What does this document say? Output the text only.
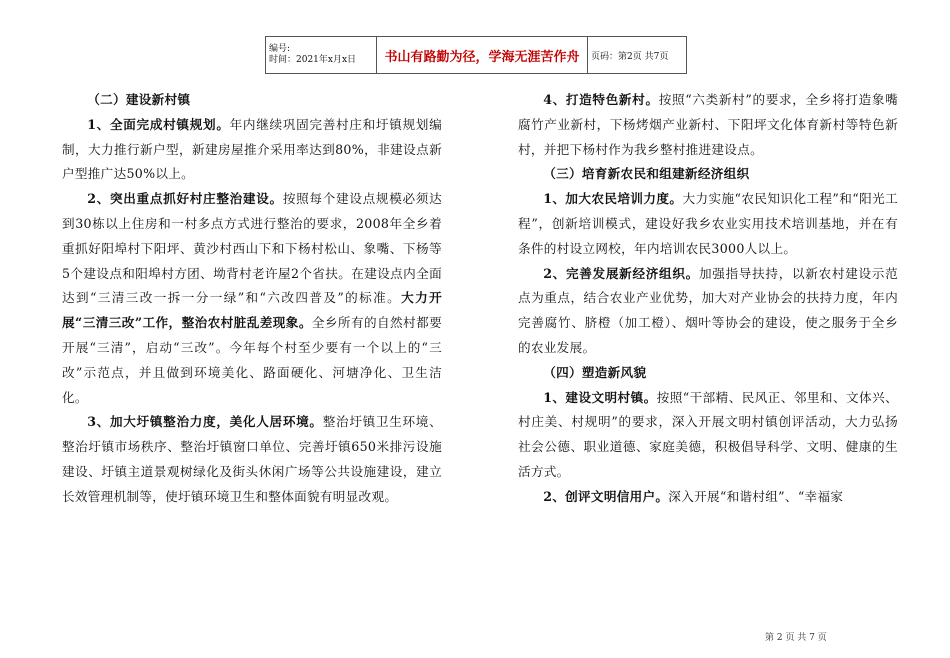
编号:
时间：2021年x月x日	书山有路勤为径，学海无涯苦作舟	页码：第2页 共7页

（二）建设新村镇

1、全面完成村镇规划。年内继续巩固完善村庄和圩镇规划编制，大力推行新户型，新建房屋推介采用率达到80%，非建设点新户型推广达50%以上。

2、突出重点抓好村庄整治建设。按照每个建设点规模必须达到30栋以上住房和一村多点方式进行整治的要求，2008年全乡着重抓好阳埠村下阳坪、黄沙村西山下和下杨村松山、象嘴、下杨等5个建设点和阳埠村方团、坳背村老许屋2个省扶。在建设点内全面达到“三清三改一拆一分一绿”和“六改四普及”的标准。大力开展“三清三改”工作，整治农村脏乱差现象。全乡所有的自然村都要开展“三清”，启动“三改”。今年每个村至少要有一个以上的“三改”示范点，并且做到环境美化、路面硬化、河塘净化、卫生洁化。

3、加大圩镇整治力度，美化人居环境。整治圩镇卫生环境、整治圩镇市场秩序、整治圩镇窗口单位、完善圩镇650米排污设施建设、圩镇主道景观树绿化及街头休闲广场等公共设施建设，建立长效管理机制等，使圩镇环境卫生和整体面貌有明显改观。

4、打造特色新村。按照“六类新村”的要求，全乡将打造象嘴腐竹产业新村，下杨烤烟产业新村、下阳坪文化体育新村等特色新村，并把下杨村作为我乡整村推进建设点。

（三）培育新农民和组建新经济组织

1、加大农民培训力度。大力实施“农民知识化工程”和“阳光工程”，创新培训模式，建设好我乡农业实用技术培训基地，并在有条件的村设立网校，年内培训农民3000人以上。

2、完善发展新经济组织。加强指导扶持，以新农村建设示范点为重点，结合农业产业优势，加大对产业协会的扶持力度，年内完善腐竹、脐橙（加工橙）、烟叶等协会的建设，使之服务于全乡的农业发展。

（四）塑造新风貌

1、建设文明村镇。按照“干部精、民风正、邻里和、文体兴、村庄美、村规明”的要求，深入开展文明村镇创评活动，大力弘扬社会公德、职业道德、家庭美德，积极倡导科学、文明、健康的生活方式。

2、创评文明信用户。深入开展“和谐村组”、“幸福家

第 2 页 共 7 页
